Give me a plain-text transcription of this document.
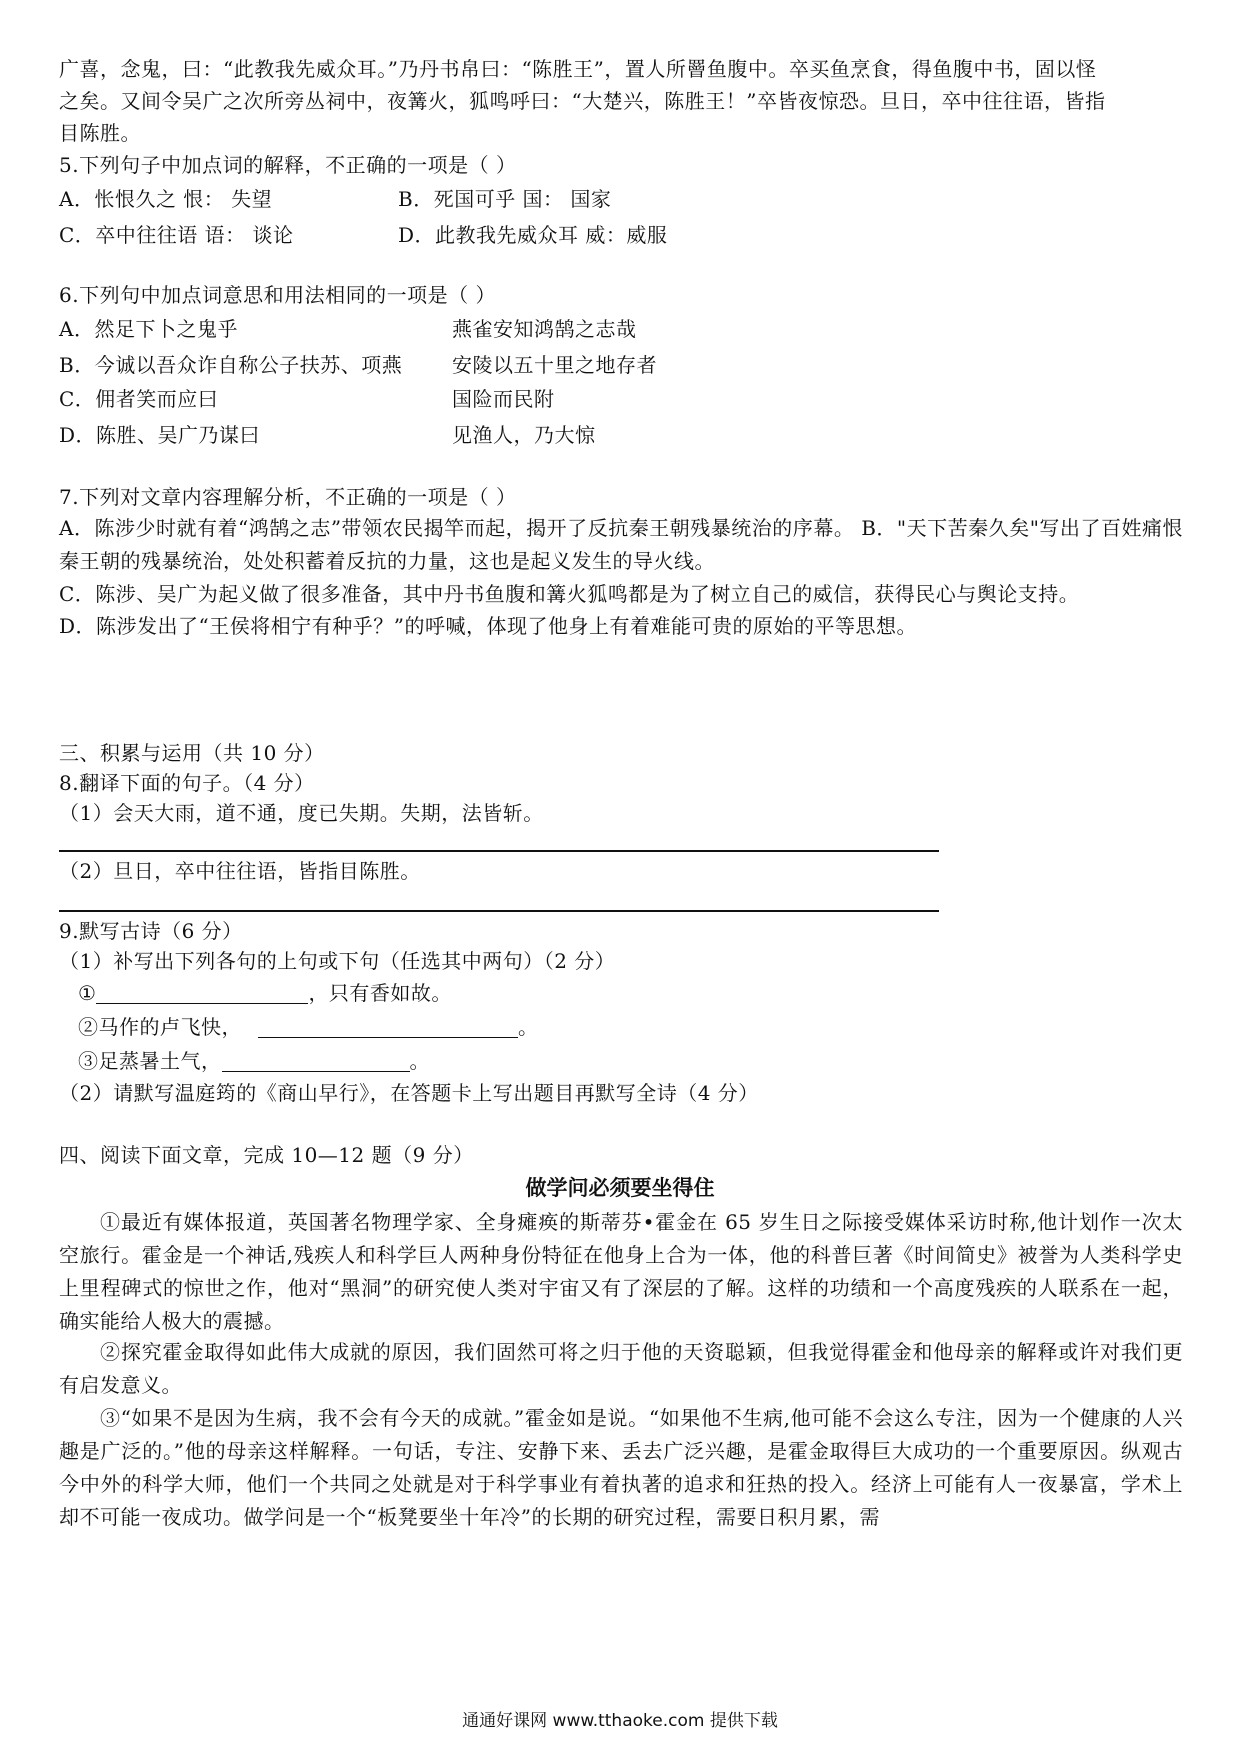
广喜，念鬼，曰：“此教我先威众耳。”乃丹书帛曰：“陈胜王”，置人所罾鱼腹中。卒买鱼烹食，得鱼腹中书，固以怪
之矣。又间令吴广之次所旁丛祠中，夜篝火，狐鸣呼曰：“大楚兴，陈胜王！”卒皆夜惊恐。旦日，卒中往往语，皆指
目陈胜。
5.下列句子中加点词的解释，不正确的一项是（ ）
A．怅恨久之 恨： 失望	B．死国可乎 国： 国家
C．卒中往往语 语： 谈论	D．此教我先威众耳 威：威服
6.下列句中加点词意思和用法相同的一项是（ ）
A．然足下卜之鬼乎	燕雀安知鸿鹄之志哉
B．今诚以吾众诈自称公子扶苏、项燕 安陵以五十里之地存者
C．佣者笑而应曰	国险而民附
D．陈胜、吴广乃谋曰	见渔人，乃大惊
7.下列对文章内容理解分析，不正确的一项是（ ）
A．陈涉少时就有着“鸿鹄之志”带领农民揭竿而起，揭开了反抗秦王朝残暴统治的序幕。 B．"天下苦秦久矣"写出了百姓痛恨秦王朝的残暴统治，处处积蓄着反抗的力量，这也是起义发生的导火线。
C．陈涉、吴广为起义做了很多准备，其中丹书鱼腹和篝火狐鸣都是为了树立自己的威信，获得民心与舆论支持。
D．陈涉发出了“王侯将相宁有种乎？”的呼喊，体现了他身上有着难能可贵的原始的平等思想。
三、积累与运用（共 10 分）
8.翻译下面的句子。（4 分）
（1）会天大雨，道不通，度已失期。失期，法皆斩。
（2）旦日，卒中往往语，皆指目陈胜。
9.默写古诗（6 分）
（1）补写出下列各句的上句或下句（任选其中两句）（2 分）
①	，只有香如故。
②马作的卢飞快，	。
③足蒸暑土气，	。
（2）请默写温庭筠的《商山早行》，在答题卡上写出题目再默写全诗（4 分）
四、阅读下面文章，完成 10—12 题（9 分）
做学问必须要坐得住
①最近有媒体报道，英国著名物理学家、全身瘫痪的斯蒂芬•霍金在 65 岁生日之际接受媒体采访时称,他计划作一次太空旅行。霍金是一个神话,残疾人和科学巨人两种身份特征在他身上合为一体，他的科普巨著《时间简史》被誉为人类科学史上里程碑式的惊世之作，他对“黑洞”的研究使人类对宇宙又有了深层的了解。这样的功绩和一个高度残疾的人联系在一起，确实能给人极大的震撼。
②探究霍金取得如此伟大成就的原因，我们固然可将之归于他的天资聪颖，但我觉得霍金和他母亲的解释或许对我们更有启发意义。
③“如果不是因为生病，我不会有今天的成就。”霍金如是说。“如果他不生病,他可能不会这么专注，因为一个健康的人兴趣是广泛的。”他的母亲这样解释。一句话，专注、安静下来、丢去广泛兴趣，是霍金取得巨大成功的一个重要原因。纵观古今中外的科学大师，他们一个共同之处就是对于科学事业有着执著的追求和狂热的投入。经济上可能有人一夜暴富，学术上却不可能一夜成功。做学问是一个“板凳要坐十年冷”的长期的研究过程，需要日积月累，需
通通好课网 www.tthaoke.com 提供下载
